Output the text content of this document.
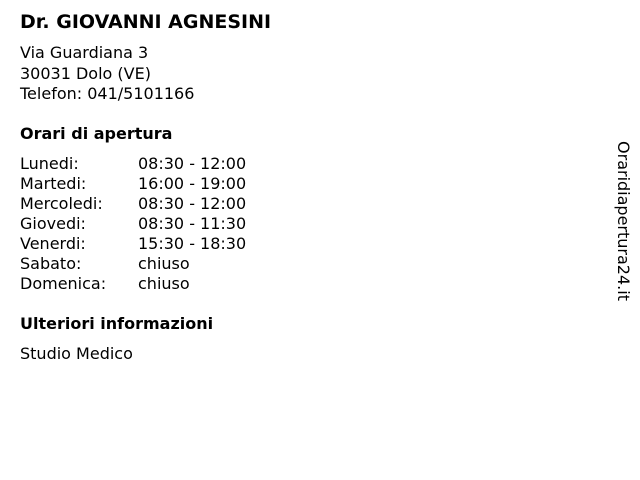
Dr. GIOVANNI AGNESINI
Via Guardiana 3
30031 Dolo (VE)
Telefon: 041/5101166
Orari di apertura
Lunedi:	08:30 - 12:00
Martedi:	16:00 - 19:00
Mercoledi: 08:30 - 12:00
Giovedi:	08:30 - 11:30
Venerdi:	15:30 - 18:30
Sabato:	chiuso
Domenica: chiuso
Ulteriori informazioni
Studio Medico
Oraridiapertura24.it
